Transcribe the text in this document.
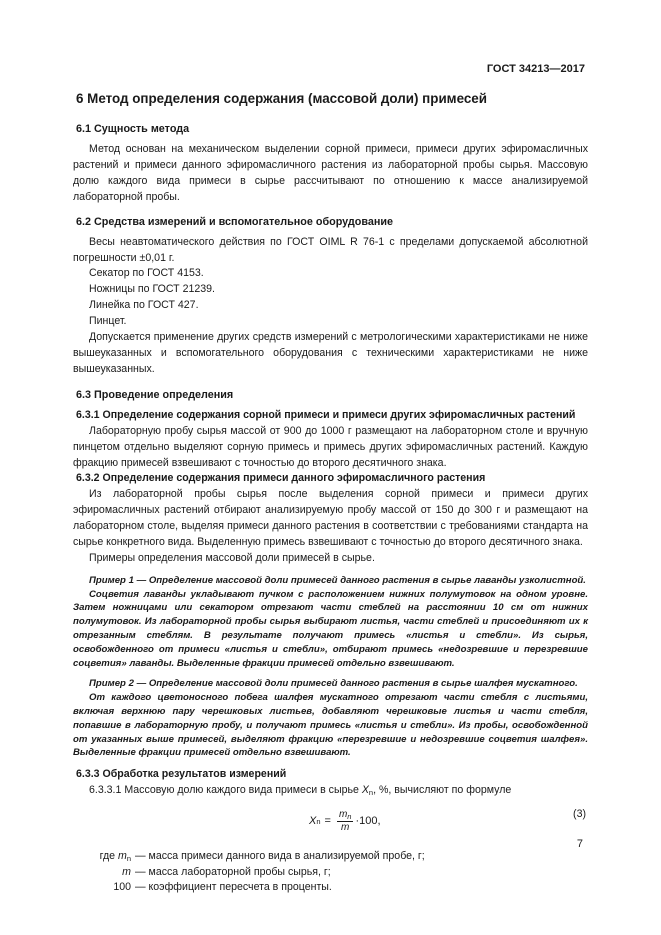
ГОСТ 34213—2017
6 Метод определения содержания (массовой доли) примесей
6.1 Сущность метода

Метод основан на механическом выделении сорной примеси, примеси других эфиромасличных растений и примеси данного эфиромасличного растения из лабораторной пробы сырья. Массовую долю каждого вида примеси в сырье рассчитывают по отношению к массе анализируемой лабораторной пробы.

6.2 Средства измерений и вспомогательное оборудование

Весы неавтоматического действия по ГОСТ OIML R 76-1 с пределами допускаемой абсолютной погрешности ±0,01 г.

Секатор по ГОСТ 4153.

Ножницы по ГОСТ 21239.

Линейка по ГОСТ 427.

Пинцет.

Допускается применение других средств измерений с метрологическими характеристиками не ниже вышеуказанных и вспомогательного оборудования с техническими характеристиками не ниже вышеуказанных.

6.3 Проведение определения
6.3.1 Определение содержания сорной примеси и примеси других эфиромасличных растений

Лабораторную пробу сырья массой от 900 до 1000 г размещают на лабораторном столе и вручную пинцетом отдельно выделяют сорную примесь и примесь других эфиромасличных растений. Каждую фракцию примесей взвешивают с точностью до второго десятичного знака.

6.3.2 Определение содержания примеси данного эфиромасличного растения

Из лабораторной пробы сырья после выделения сорной примеси и примеси других эфиромасличных растений отбирают анализируемую пробу массой от 150 до 300 г и размещают на лабораторном столе, выделяя примеси данного растения в соответствии с требованиями стандарта на сырье конкретного вида. Выделенную примесь взвешивают с точностью до второго десятичного знака.

Примеры определения массовой доли примесей в сырье.

Пример 1 — Определение массовой доли примесей данного растения в сырье лаванды узколистной.

Соцветия лаванды укладывают пучком с расположением нижних полумутовок на одном уровне. Затем ножницами или секатором отрезают части стеблей на расстоянии 10 см от нижних полумутовок. Из лабораторной пробы сырья выбирают листья, части стеблей и присоединяют их к отрезанным стеблям. В результате получают примесь «листья и стебли». Из сырья, освобожденного от примеси «листья и стебли», отбирают примесь «недозревшие и перезревшие соцветия» лаванды. Выделенные фракции примесей отдельно взвешивают.

Пример 2 — Определение массовой доли примесей данного растения в сырье шалфея мускатного.

От каждого цветоносного побега шалфея мускатного отрезают части стебля с листьями, включая верхнюю пару черешковых листьев, добавляют черешковые листья и части стебля, попавшие в лабораторную пробу, и получают примесь «листья и стебли». Из пробы, освобожденной от указанных выше примесей, выделяют фракцию «перезревшие и недозревшие соцветия шалфея». Выделенные фракции примесей отдельно взвешивают.

6.3.3 Обработка результатов измерений

6.3.3.1 Массовую долю каждого вида примеси в сырье $X_n$, %, вычисляют по формуле

X $n = \frac{m_n}{m} \cdot 100$,
(3)
где $m_n$ — масса примеси данного вида в анализируемой пробе, г;
m — масса лабораторной пробы сырья, г;
100 — коэффициент пересчета в проценты.
7
